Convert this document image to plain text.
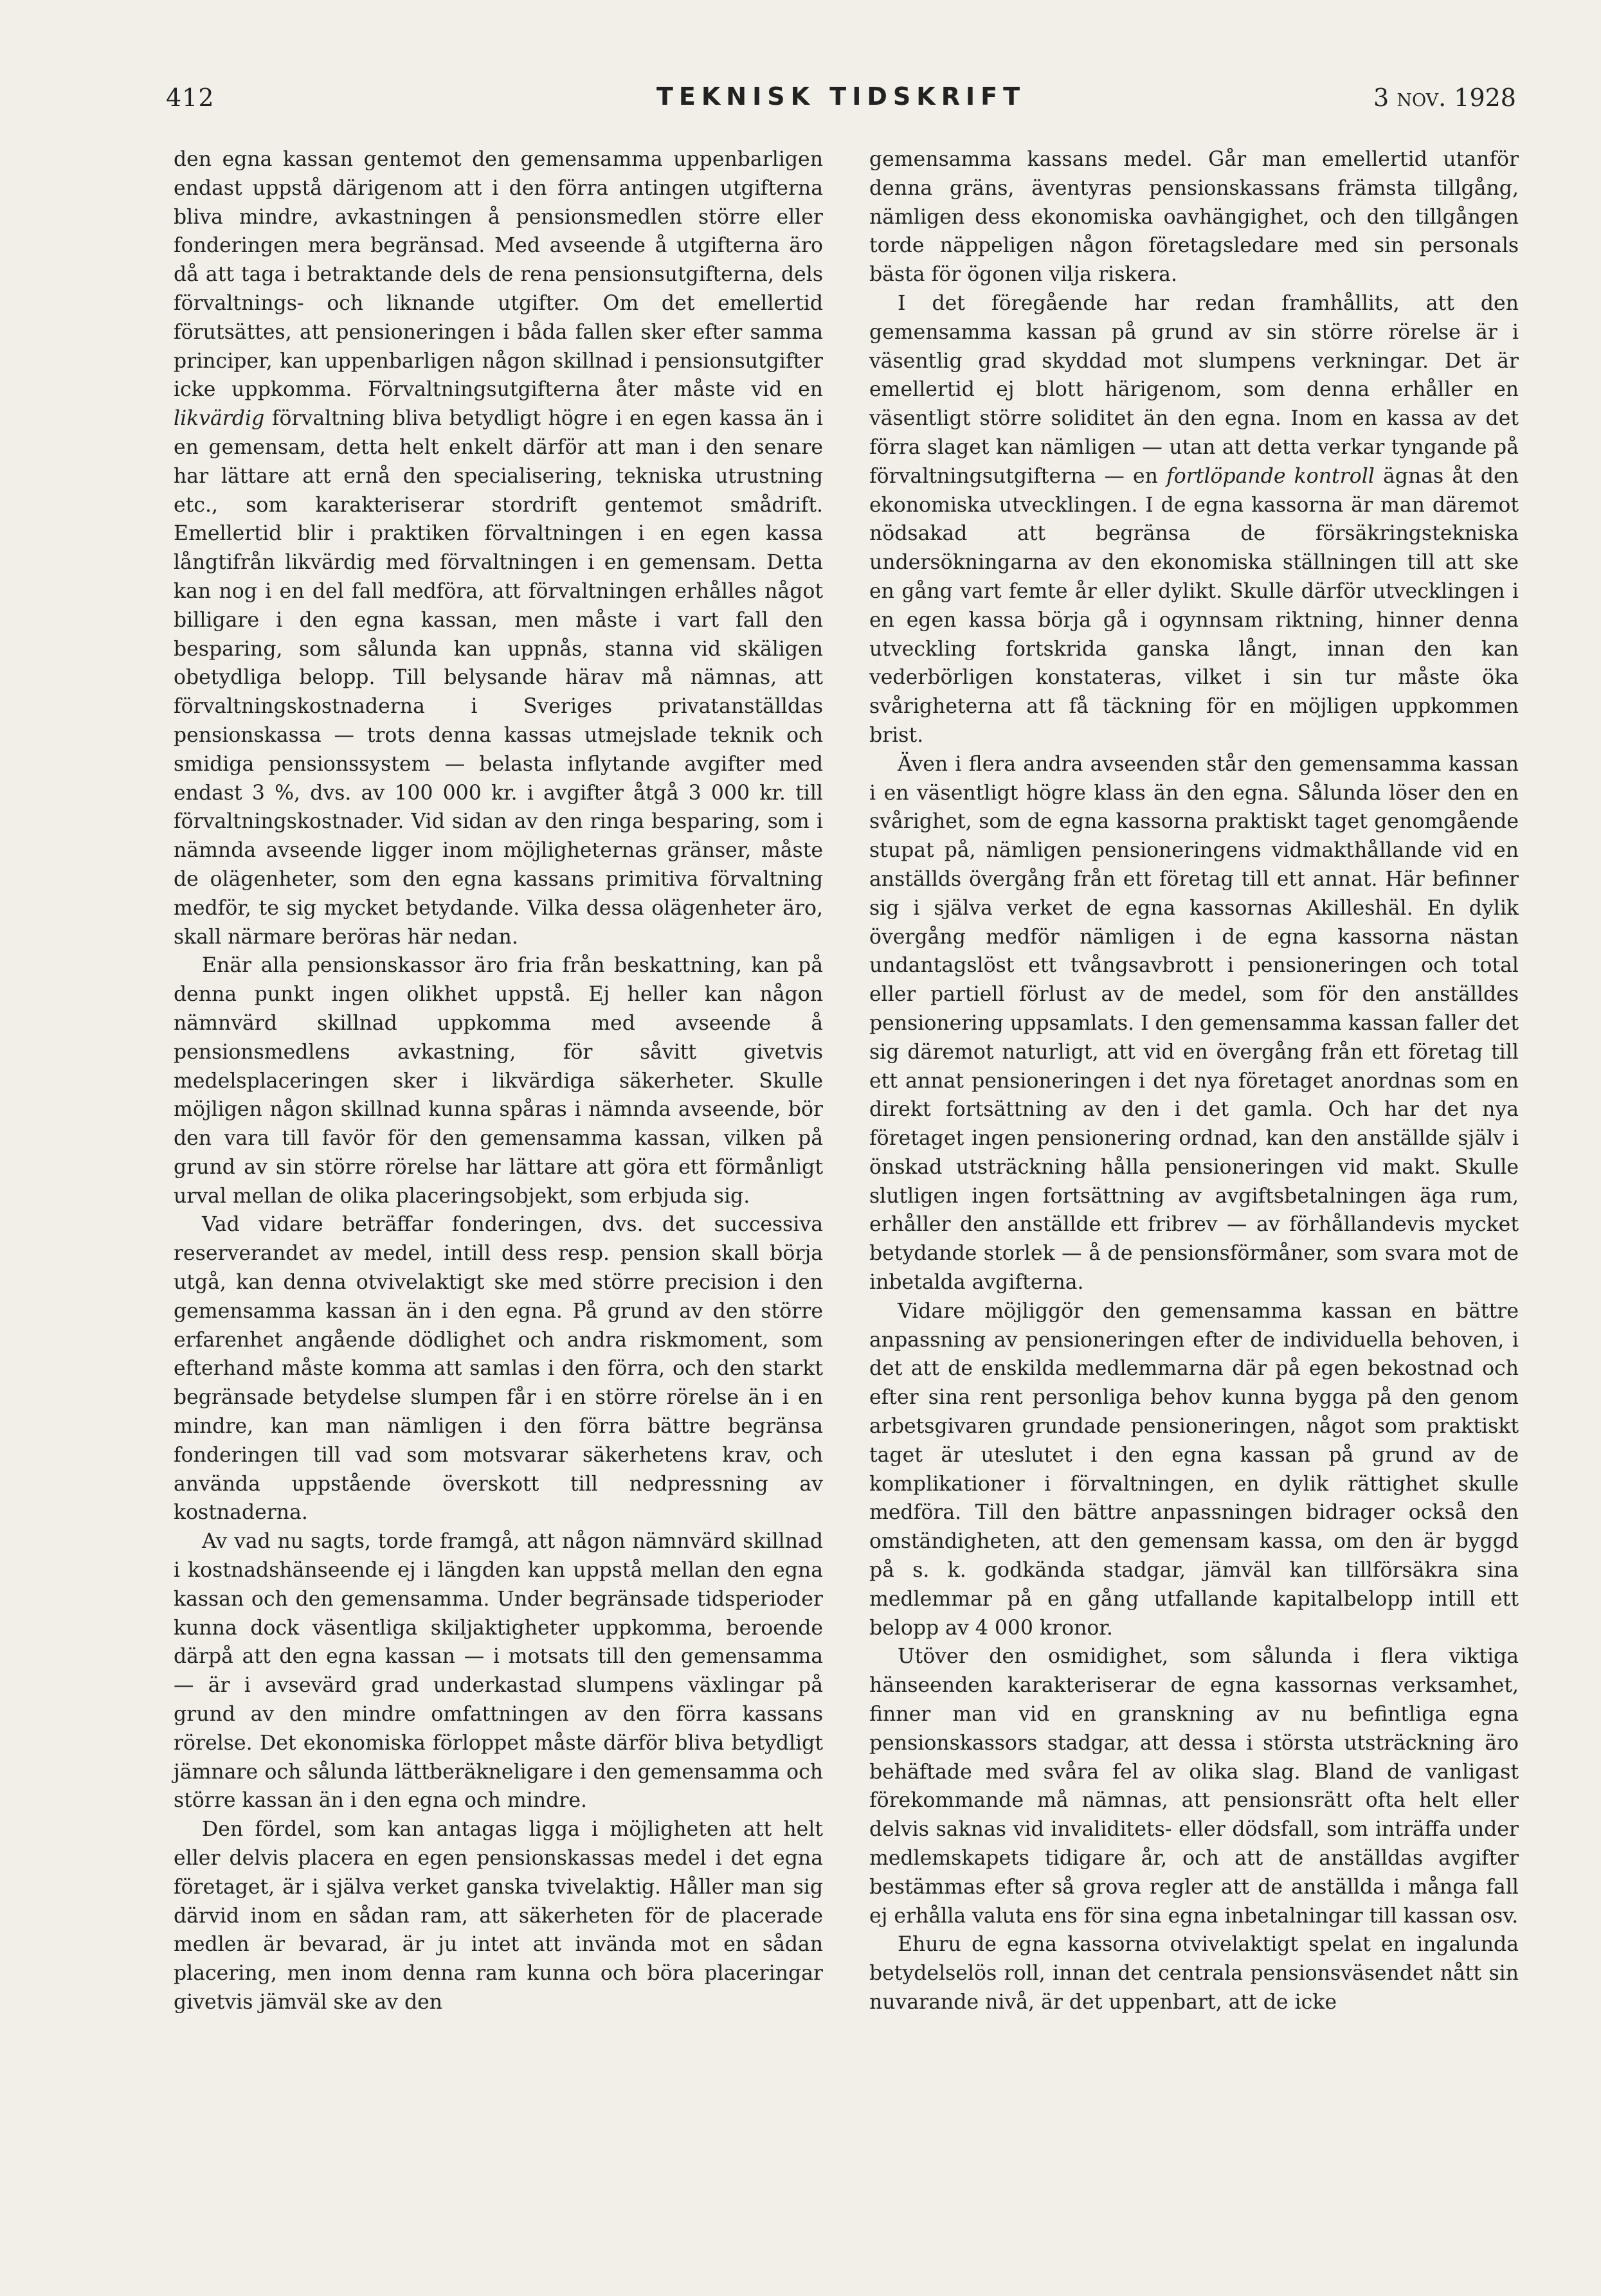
412	TEKNISK TIDSKRIFT	3 nov. 1928

den egna kassan gentemot den gemensamma uppenbarligen endast uppstå därigenom att i den förra antingen utgifterna bliva mindre, avkastningen å pensionsmedlen större eller fonderingen mera begränsad. Med avseende å utgifterna äro då att taga i betraktande dels de rena pensionsutgifterna, dels förvaltnings- och liknande utgifter. Om det emellertid förutsättes, att pensioneringen i båda fallen sker efter samma principer, kan uppenbarligen någon skillnad i pensionsutgifter icke uppkomma. Förvaltningsutgifterna åter måste vid en likvärdig förvaltning bliva betydligt högre i en egen kassa än i en gemensam, detta helt enkelt därför att man i den senare har lättare att ernå den specialisering, tekniska utrustning etc., som karakteriserar stordrift gentemot smådrift. Emellertid blir i praktiken förvaltningen i en egen kassa långtifrån likvärdig med förvaltningen i en gemensam. Detta kan nog i en del fall medföra, att förvaltningen erhålles något billigare i den egna kassan, men måste i vart fall den besparing, som sålunda kan uppnås, stanna vid skäligen obetydliga belopp. Till belysande härav må nämnas, att förvaltningskostnaderna i Sveriges privatanställdas pensionskassa — trots denna kassas utmejslade teknik och smidiga pensionssystem — belasta inflytande avgifter med endast 3 %, dvs. av 100 000 kr. i avgifter åtgå 3 000 kr. till förvaltningskostnader. Vid sidan av den ringa besparing, som i nämnda avseende ligger inom möjligheternas gränser, måste de olägenheter, som den egna kassans primitiva förvaltning medför, te sig mycket betydande. Vilka dessa olägenheter äro, skall närmare beröras här nedan.

Enär alla pensionskassor äro fria från beskattning, kan på denna punkt ingen olikhet uppstå. Ej heller kan någon nämnvärd skillnad uppkomma med avseende å pensionsmedlens avkastning, för såvitt givetvis medelsplaceringen sker i likvärdiga säkerheter. Skulle möjligen någon skillnad kunna spåras i nämnda avseende, bör den vara till favör för den gemensamma kassan, vilken på grund av sin större rörelse har lättare att göra ett förmånligt urval mellan de olika placeringsobjekt, som erbjuda sig.

Vad vidare beträffar fonderingen, dvs. det successiva reserverandet av medel, intill dess resp. pension skall börja utgå, kan denna otvivelaktigt ske med större precision i den gemensamma kassan än i den egna. På grund av den större erfarenhet angående dödlighet och andra riskmoment, som efterhand måste komma att samlas i den förra, och den starkt begränsade betydelse slumpen får i en större rörelse än i en mindre, kan man nämligen i den förra bättre begränsa fonderingen till vad som motsvarar säkerhetens krav, och använda uppstående överskott till nedpressning av kostnaderna.

Av vad nu sagts, torde framgå, att någon nämnvärd skillnad i kostnadshänseende ej i längden kan uppstå mellan den egna kassan och den gemensamma. Under begränsade tidsperioder kunna dock väsentliga skiljaktigheter uppkomma, beroende därpå att den egna kassan — i motsats till den gemensamma — är i avsevärd grad underkastad slumpens växlingar på grund av den mindre omfattningen av den förra kassans rörelse. Det ekonomiska förloppet måste därför bliva betydligt jämnare och sålunda lättberäkneligare i den gemensamma och större kassan än i den egna och mindre.

Den fördel, som kan antagas ligga i möjligheten att helt eller delvis placera en egen pensionskassas medel i det egna företaget, är i själva verket ganska tvivelaktig. Håller man sig därvid inom en sådan ram, att säkerheten för de placerade medlen är bevarad, är ju intet att invända mot en sådan placering, men inom denna ram kunna och böra placeringar givetvis jämväl ske av den

gemensamma kassans medel. Går man emellertid utanför denna gräns, äventyras pensionskassans främsta tillgång, nämligen dess ekonomiska oavhängighet, och den tillgången torde näppeligen någon företagsledare med sin personals bästa för ögonen vilja riskera.

I det föregående har redan framhållits, att den gemensamma kassan på grund av sin större rörelse är i väsentlig grad skyddad mot slumpens verkningar. Det är emellertid ej blott härigenom, som denna erhåller en väsentligt större soliditet än den egna. Inom en kassa av det förra slaget kan nämligen — utan att detta verkar tyngande på förvaltningsutgifterna — en fortlöpande kontroll ägnas åt den ekonomiska utvecklingen. I de egna kassorna är man däremot nödsakad att begränsa de försäkringstekniska undersökningarna av den ekonomiska ställningen till att ske en gång vart femte år eller dylikt. Skulle därför utvecklingen i en egen kassa börja gå i ogynnsam riktning, hinner denna utveckling fortskrida ganska långt, innan den kan vederbörligen konstateras, vilket i sin tur måste öka svårigheterna att få täckning för en möjligen uppkommen brist.

Även i flera andra avseenden står den gemensamma kassan i en väsentligt högre klass än den egna. Sålunda löser den en svårighet, som de egna kassorna praktiskt taget genomgående stupat på, nämligen pensioneringens vidmakthållande vid en anställds övergång från ett företag till ett annat. Här befinner sig i själva verket de egna kassornas Akilleshäl. En dylik övergång medför nämligen i de egna kassorna nästan undantagslöst ett tvångsavbrott i pensioneringen och total eller partiell förlust av de medel, som för den anställdes pensionering uppsamlats. I den gemensamma kassan faller det sig däremot naturligt, att vid en övergång från ett företag till ett annat pensioneringen i det nya företaget anordnas som en direkt fortsättning av den i det gamla. Och har det nya företaget ingen pensionering ordnad, kan den anställde själv i önskad utsträckning hålla pensioneringen vid makt. Skulle slutligen ingen fortsättning av avgiftsbetalningen äga rum, erhåller den anställde ett fribrev — av förhållandevis mycket betydande storlek — å de pensionsförmåner, som svara mot de inbetalda avgifterna.

Vidare möjliggör den gemensamma kassan en bättre anpassning av pensioneringen efter de individuella behoven, i det att de enskilda medlemmarna där på egen bekostnad och efter sina rent personliga behov kunna bygga på den genom arbetsgivaren grundade pensioneringen, något som praktiskt taget är uteslutet i den egna kassan på grund av de komplikationer i förvaltningen, en dylik rättighet skulle medföra. Till den bättre anpassningen bidrager också den omständigheten, att den gemensam kassa, om den är byggd på s. k. godkända stadgar, jämväl kan tillförsäkra sina medlemmar på en gång utfallande kapitalbelopp intill ett belopp av 4 000 kronor.

Utöver den osmidighet, som sålunda i flera viktiga hänseenden karakteriserar de egna kassornas verksamhet, finner man vid en granskning av nu befintliga egna pensionskassors stadgar, att dessa i största utsträckning äro behäftade med svåra fel av olika slag. Bland de vanligast förekommande må nämnas, att pensionsrätt ofta helt eller delvis saknas vid invaliditets- eller dödsfall, som inträffa under medlemskapets tidigare år, och att de anställdas avgifter bestämmas efter så grova regler att de anställda i många fall ej erhålla valuta ens för sina egna inbetalningar till kassan osv.

Ehuru de egna kassorna otvivelaktigt spelat en ingalunda betydelselös roll, innan det centrala pensionsväsendet nått sin nuvarande nivå, är det uppenbart, att de icke
